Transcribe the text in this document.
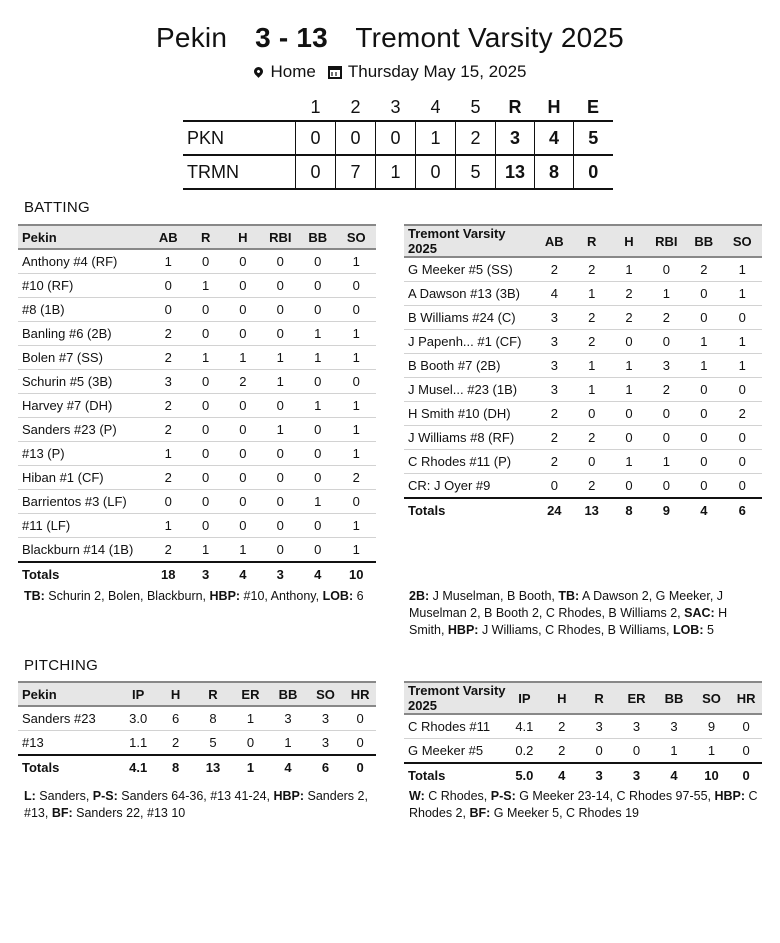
Pekin 3 - 13 Tremont Varsity 2025
Home Thursday May 15, 2025
	1	2	3	4	5	R	H	E
PKN	0	0	0	1	2	3	4	5
TRMN	0	7	1	0	5	13	8	0
BATTING
Pekin	AB	R	H	RBI	BB	SO
Anthony #4 (RF)	1	0	0	0	0	1
#10 (RF)	0	1	0	0	0	0
#8 (1B)	0	0	0	0	0	0
Banling #6 (2B)	2	0	0	0	1	1
Bolen #7 (SS)	2	1	1	1	1	1
Schurin #5 (3B)	3	0	2	1	0	0
Harvey #7 (DH)	2	0	0	0	1	1
Sanders #23 (P)	2	0	0	1	0	1
#13 (P)	1	0	0	0	0	1
Hiban #1 (CF)	2	0	0	0	0	2
Barrientos #3 (LF)	0	0	0	0	1	0
#11 (LF)	1	0	0	0	0	1
Blackburn #14 (1B)	2	1	1	0	0	1
Totals	18	3	4	3	4	10
Tremont Varsity 2025	AB	R	H	RBI	BB	SO
G Meeker #5 (SS)	2	2	1	0	2	1
A Dawson #13 (3B)	4	1	2	1	0	1
B Williams #24 (C)	3	2	2	2	0	0
J Papenh... #1 (CF)	3	2	0	0	1	1
B Booth #7 (2B)	3	1	1	3	1	1
J Musel... #23 (1B)	3	1	1	2	0	0
H Smith #10 (DH)	2	0	0	0	0	2
J Williams #8 (RF)	2	2	0	0	0	0
C Rhodes #11 (P)	2	0	1	1	0	0
CR: J Oyer #9	0	2	0	0	0	0
Totals	24	13	8	9	4	6
TB: Schurin 2, Bolen, Blackburn, HBP: #10, Anthony, LOB: 6	2B: J Muselman, B Booth, TB: A Dawson 2, G Meeker, J Muselman 2, B Booth 2, C Rhodes, B Williams 2, SAC: H Smith, HBP: J Williams, C Rhodes, B Williams, LOB: 5
PITCHING
Pekin	IP	H	R	ER	BB	SO	HR
Sanders #23	3.0	6	8	1	3	3	0
#13	1.1	2	5	0	1	3	0
Totals	4.1	8	13	1	4	6	0
Tremont Varsity 2025	IP	H	R	ER	BB	SO	HR
C Rhodes #11	4.1	2	3	3	3	9	0
G Meeker #5	0.2	2	0	0	1	1	0
Totals	5.0	4	3	3	4	10	0
L: Sanders, P-S: Sanders 64-36, #13 41-24, HBP: Sanders 2, #13, BF: Sanders 22, #13 10
W: C Rhodes, P-S: G Meeker 23-14, C Rhodes 97-55, HBP: C Rhodes 2, BF: G Meeker 5, C Rhodes 19
